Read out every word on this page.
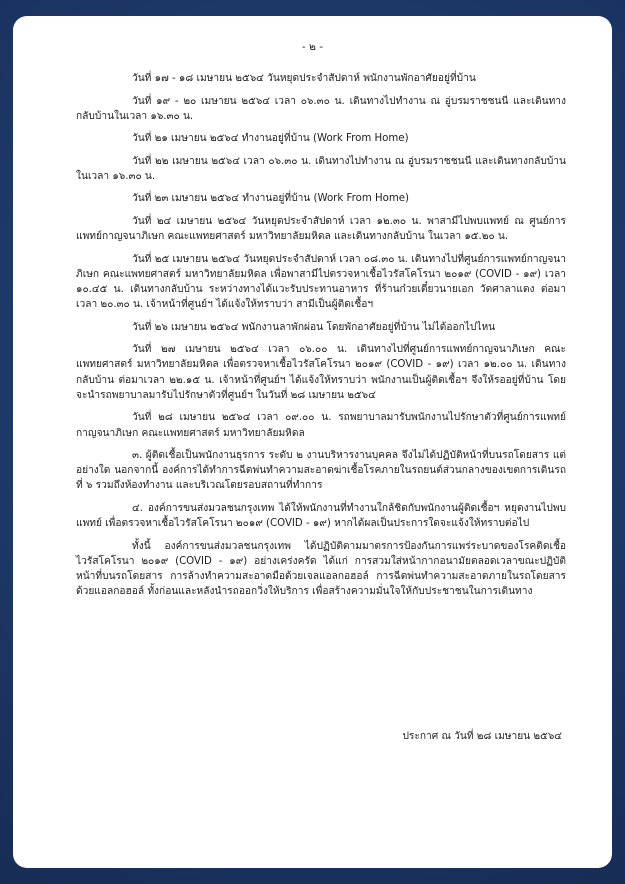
- ๒ -

วันที่ ๑๗ - ๑๘ เมษายน ๒๕๖๔ วันหยุดประจำสัปดาห์ พนักงานพักอาศัยอยู่ที่บ้าน

วันที่ ๑๙ - ๒๐ เมษายน ๒๕๖๔ เวลา ๐๖.๓๐ น. เดินทางไปทำงาน ณ อู่บรมราชชนนี และเดินทางกลับบ้านในเวลา ๑๖.๓๐ น.

วันที่ ๒๑ เมษายน ๒๕๖๔ ทำงานอยู่ที่บ้าน (Work From Home)

วันที่ ๒๒ เมษายน ๒๕๖๔ เวลา ๐๖.๓๐ น. เดินทางไปทำงาน ณ อู่บรมราชชนนี และเดินทางกลับบ้านในเวลา ๑๖.๓๐ น.

วันที่ ๒๓ เมษายน ๒๕๖๔ ทำงานอยู่ที่บ้าน (Work From Home)

วันที่ ๒๔ เมษายน ๒๕๖๔ วันหยุดประจำสัปดาห์ เวลา ๑๒.๓๐ น. พาสามีไปพบแพทย์ ณ ศูนย์การแพทย์กาญจนาภิเษก คณะแพทยศาสตร์ มหาวิทยาลัยมหิดล และเดินทางกลับบ้าน ในเวลา ๑๕.๒๐ น.

วันที่ ๒๕ เมษายน ๒๕๖๔ วันหยุดประจำสัปดาห์ เวลา ๐๘.๓๐ น. เดินทางไปที่ศูนย์การแพทย์กาญจนาภิเษก คณะแพทยศาสตร์ มหาวิทยาลัยมหิดล เพื่อพาสามีไปตรวจหาเชื้อไวรัสโคโรนา ๒๐๑๙ (COVID - ๑๙) เวลา ๑๐.๔๕ น. เดินทางกลับบ้าน ระหว่างทางได้แวะรับประทานอาหาร ที่ร้านก๋วยเตี๋ยวนายเอก วัดศาลาแดง ต่อมาเวลา ๒๐.๓๐ น. เจ้าหน้าที่ศูนย์ฯ ได้แจ้งให้ทราบว่า สามีเป็นผู้ติดเชื้อฯ

วันที่ ๒๖ เมษายน ๒๕๖๔ พนักงานลาพักผ่อน โดยพักอาศัยอยู่ที่บ้าน ไม่ได้ออกไปไหน

วันที่ ๒๗ เมษายน ๒๕๖๔ เวลา ๐๖.๐๐ น. เดินทางไปที่ศูนย์การแพทย์กาญจนาภิเษก คณะแพทยศาสตร์ มหาวิทยาลัยมหิดล เพื่อตรวจหาเชื้อไวรัสโคโรนา ๒๐๑๙ (COVID - ๑๙) เวลา ๑๒.๐๐ น. เดินทางกลับบ้าน ต่อมาเวลา ๒๒.๑๕ น. เจ้าหน้าที่ศูนย์ฯ ได้แจ้งให้ทราบว่า พนักงานเป็นผู้ติดเชื้อฯ จึงให้รออยู่ที่บ้าน โดยจะนำรถพยาบาลมารับไปรักษาตัวที่ศูนย์ฯ ในวันที่ ๒๘ เมษายน ๒๕๖๔

วันที่ ๒๘ เมษายน ๒๕๖๔ เวลา ๐๙.๐๐ น. รถพยาบาลมารับพนักงานไปรักษาตัวที่ศูนย์การแพทย์กาญจนาภิเษก คณะแพทยศาสตร์ มหาวิทยาลัยมหิดล

๓. ผู้ติดเชื้อเป็นพนักงานธุรการ ระดับ ๒ งานบริหารงานบุคคล จึงไม่ได้ปฏิบัติหน้าที่บนรถโดยสาร แต่อย่างใด นอกจากนี้ องค์การได้ทำการฉีดพ่นทำความสะอาดฆ่าเชื้อโรคภายในรถยนต์ส่วนกลางของเขตการเดินรถที่ ๖ รวมถึงห้องทำงาน และบริเวณโดยรอบสถานที่ทำการ

๔. องค์การขนส่งมวลชนกรุงเทพ ได้ให้พนักงานที่ทำงานใกล้ชิดกับพนักงานผู้ติดเชื้อฯ หยุดงานไปพบแพทย์ เพื่อตรวจหาเชื้อไวรัสโคโรนา ๒๐๑๙ (COVID - ๑๙) หากได้ผลเป็นประการใดจะแจ้งให้ทราบต่อไป

ทั้งนี้ องค์การขนส่งมวลชนกรุงเทพ ได้ปฏิบัติตามมาตรการป้องกันการแพร่ระบาดของโรคติดเชื้อไวรัสโคโรนา ๒๐๑๙ (COVID - ๑๙) อย่างเคร่งครัด ได้แก่ การสวมใส่หน้ากากอนามัยตลอดเวลาขณะปฏิบัติหน้าที่บนรถโดยสาร การล้างทำความสะอาดมือด้วยเจลแอลกอฮอล์ การฉีดพ่นทำความสะอาดภายในรถโดยสารด้วยแอลกอฮอล์ ทั้งก่อนและหลังนำรถออกวิ่งให้บริการ เพื่อสร้างความมั่นใจให้กับประชาชนในการเดินทาง

ประกาศ ณ วันที่ ๒๘ เมษายน ๒๕๖๔
